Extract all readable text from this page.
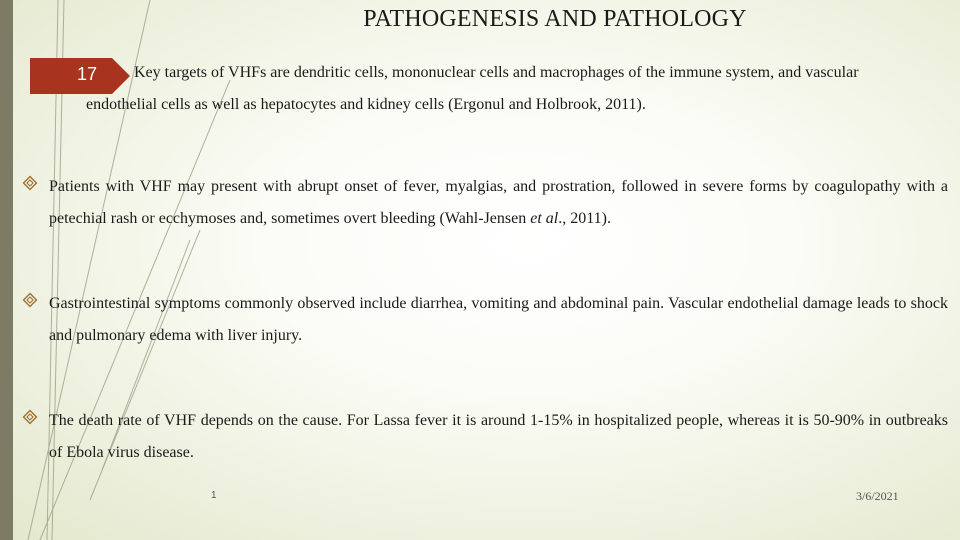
PATHOGENESIS AND PATHOLOGY
17 Key targets of VHFs are dendritic cells, mononuclear cells and macrophages of the immune system, and vascular
endothelial cells as well as hepatocytes and kidney cells (Ergonul and Holbrook, 2011).
Patients with VHF may present with abrupt onset of fever, myalgias, and prostration, followed in severe forms by coagulopathy with a petechial rash or ecchymoses and, sometimes overt bleeding (Wahl-Jensen et al., 2011).
Gastrointestinal symptoms commonly observed include diarrhea, vomiting and abdominal pain. Vascular endothelial damage leads to shock and pulmonary edema with liver injury.
The death rate of VHF depends on the cause. For Lassa fever it is around 1-15% in hospitalized people, whereas it is 50-90% in outbreaks of Ebola virus disease.
1	3/6/2021
